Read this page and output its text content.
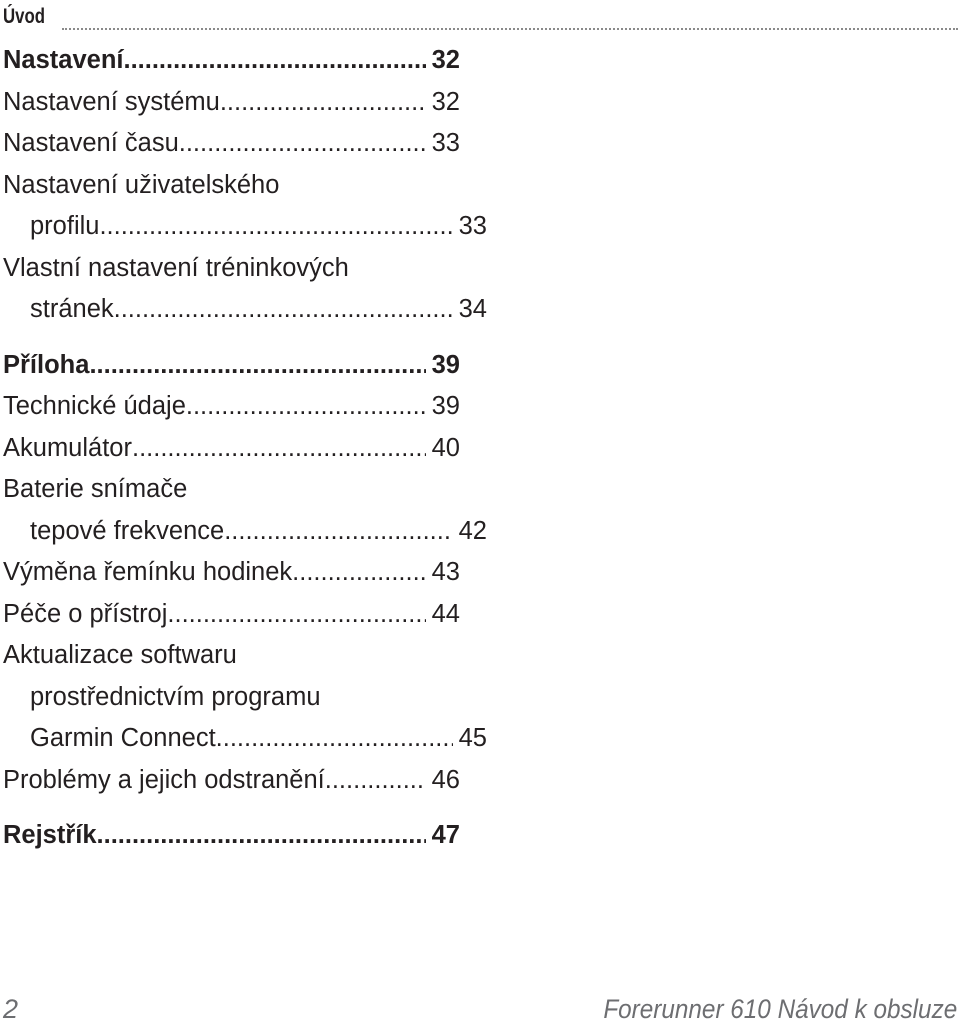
Úvod
Nastavení .....	32
Nastavení systému .....	32
Nastavení času .....	33
Nastavení uživatelského
profilu .....	33
Vlastní nastavení tréninkových
stránek .....	34
Příloha .....	39
Technické údaje .....	39
Akumulátor .....	40
Baterie snímače
tepové frekvence .....	42
Výměna řemínku hodinek .....	43
Péče o přístroj .....	44
Aktualizace softwaru
prostřednictvím programu
Garmin Connect .....	45
Problémy a jejich odstranění .....	46
Rejstřík .....	47
2	Forerunner 610 Návod k obsluze
